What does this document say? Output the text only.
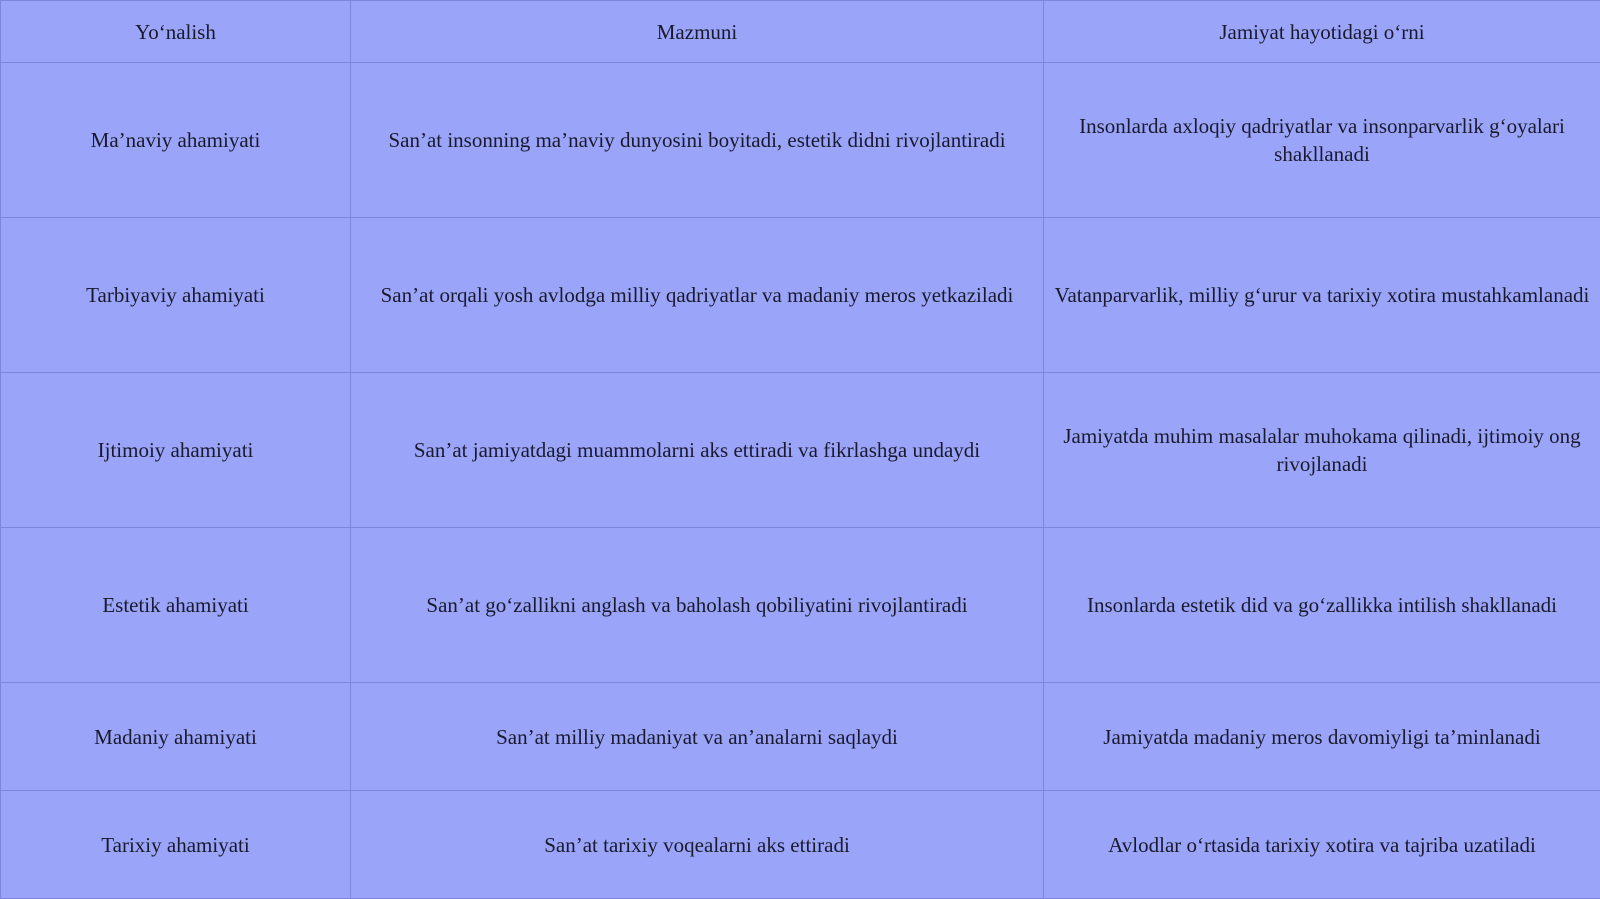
Yo‘nalish	Mazmuni	Jamiyat hayotidagi o‘rni
Ma’naviy ahamiyati	San’at insonning ma’naviy dunyosini boyitadi, estetik didni rivojlantiradi	Insonlarda axloqiy qadriyatlar va insonparvarlik g‘oyalari shakllanadi
Tarbiyaviy ahamiyati	San’at orqali yosh avlodga milliy qadriyatlar va madaniy meros yetkaziladi	Vatanparvarlik, milliy g‘urur va tarixiy xotira mustahkamlanadi
Ijtimoiy ahamiyati	San’at jamiyatdagi muammolarni aks ettiradi va fikrlashga undaydi	Jamiyatda muhim masalalar muhokama qilinadi, ijtimoiy ong rivojlanadi
Estetik ahamiyati	San’at go‘zallikni anglash va baholash qobiliyatini rivojlantiradi	Insonlarda estetik did va go‘zallikka intilish shakllanadi
Madaniy ahamiyati	San’at milliy madaniyat va an’analarni saqlaydi	Jamiyatda madaniy meros davomiyligi ta’minlanadi
Tarixiy ahamiyati	San’at tarixiy voqealarni aks ettiradi	Avlodlar o‘rtasida tarixiy xotira va tajriba uzatiladi
